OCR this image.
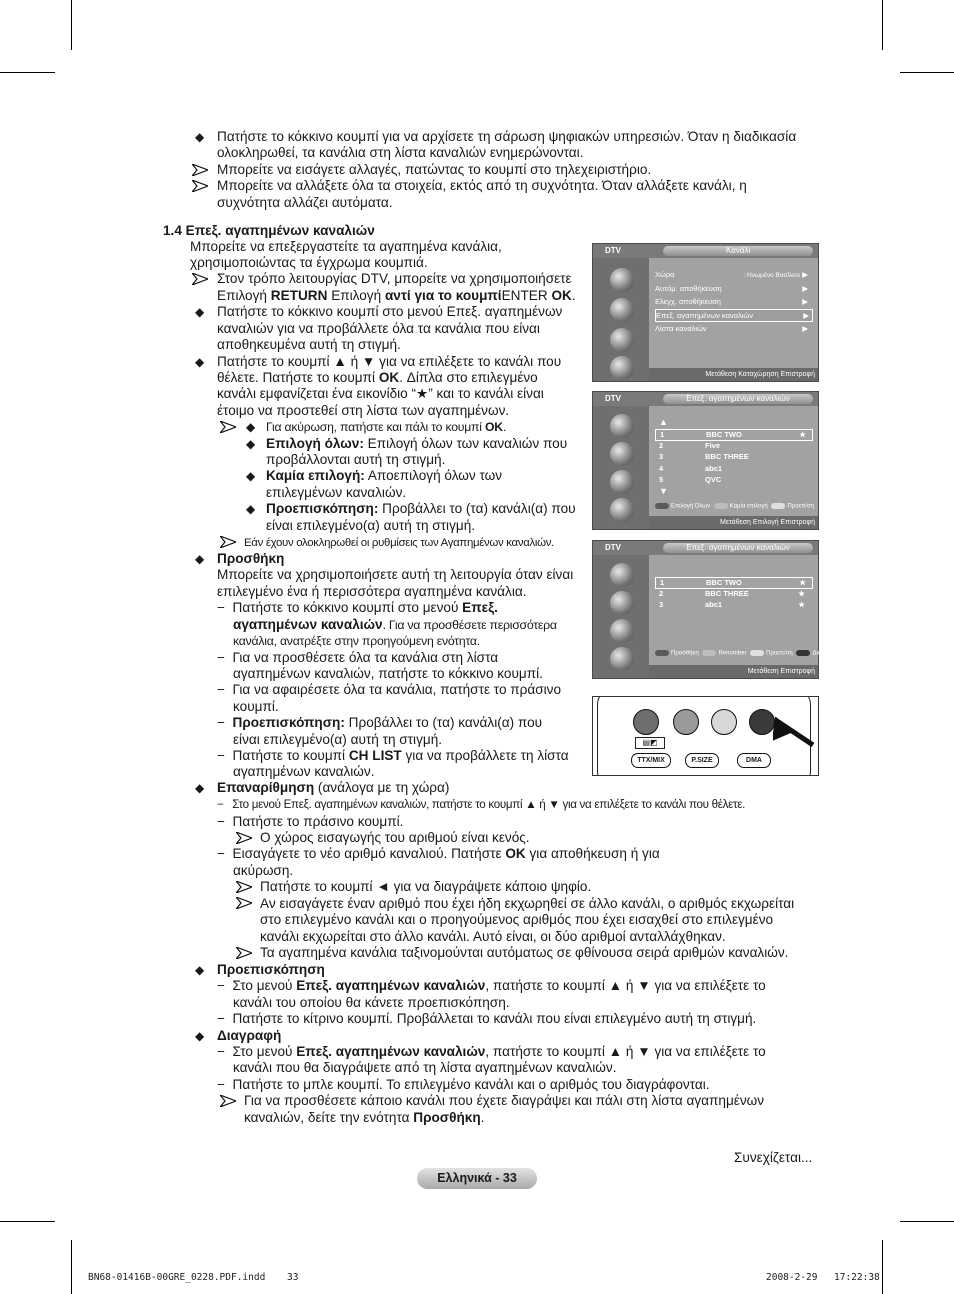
◆ Πατήστε το κόκκινο κουμπί για να αρχίσετε τη σάρωση ψηφιακών υπηρεσιών. Όταν η διαδικασία
ολοκληρωθεί, τα κανάλια στη λίστα καναλιών ενημερώνονται.
Μπορείτε να εισάγετε αλλαγές, πατώντας το κουμπί στο τηλεχειριστήριο.
Μπορείτε να αλλάξετε όλα τα στοιχεία, εκτός από τη συχνότητα. Όταν αλλάξετε κανάλι, η
συχνότητα αλλάζει αυτόματα.
1.4 Επεξ. αγαπημένων καναλιών
Μπορείτε να επεξεργαστείτε τα αγαπημένα κανάλια,
χρησιμοποιώντας τα έγχρωμα κουμπιά.
Στον τρόπο λειτουργίας DTV, μπορείτε να χρησιμοποιήσετε
Επιλογή RETURN Επιλογή αντί για το κουμπίENTER OK.
◆ Πατήστε το κόκκινο κουμπί στο μενού Επεξ. αγαπημένων
καναλιών για να προβάλλετε όλα τα κανάλια που είναι
αποθηκευμένα αυτή τη στιγμή.
◆ Πατήστε το κουμπί ▲ ή ▼ για να επιλέξετε το κανάλι που
θέλετε. Πατήστε το κουμπί OK. Δίπλα στο επιλεγμένο
κανάλι εμφανίζεται ένα εικονίδιο “★” και το κανάλι είναι
έτοιμο να προστεθεί στη λίστα των αγαπημένων.
◆ Για ακύρωση, πατήστε και πάλι το κουμπί OK.
◆ Επιλογή όλων: Επιλογή όλων των καναλιών που
προβάλλονται αυτή τη στιγμή.
◆ Καμία επιλογή: Αποεπιλογή όλων των
επιλεγμένων καναλιών.
◆ Προεπισκόπηση: Προβάλλει το (τα) κανάλι(α) που
είναι επιλεγμένο(α) αυτή τη στιγμή.
Εάν έχουν ολοκληρωθεί οι ρυθμίσεις των Αγαπημένων καναλιών.
◆ Προσθήκη
Μπορείτε να χρησιμοποιήσετε αυτή τη λειτουργία όταν είναι
επιλεγμένο ένα ή περισσότερα αγαπημένα κανάλια.
−  Πατήστε το κόκκινο κουμπί στο μενού Επεξ.
αγαπημένων καναλιών. Για να προσθέσετε περισσότερα
κανάλια, ανατρέξτε στην προηγούμενη ενότητα.
−  Για να προσθέσετε όλα τα κανάλια στη λίστα
αγαπημένων καναλιών, πατήστε το κόκκινο κουμπί.
−  Για να αφαιρέσετε όλα τα κανάλια, πατήστε το πράσινο
κουμπί.
−  Προεπισκόπηση: Προβάλλει το (τα) κανάλι(α) που
είναι επιλεγμένο(α) αυτή τη στιγμή.
−  Πατήστε το κουμπί CH LIST για να προβάλλετε τη λίστα
αγαπημένων καναλιών.
◆ Επαναρίθμηση (ανάλογα με τη χώρα)
−   Στο μενού Επεξ. αγαπημένων καναλιών, πατήστε το κουμπί ▲ ή ▼ για να επιλέξετε το κανάλι που θέλετε.
−  Πατήστε το πράσινο κουμπί.
Ο χώρος εισαγωγής του αριθμού είναι κενός.
−  Εισαγάγετε το νέο αριθμό καναλιού. Πατήστε OK για αποθήκευση ή για
ακύρωση.
Πατήστε το κουμπί ◄ για να διαγράψετε κάποιο ψηφίο.
Αν εισαγάγετε έναν αριθμό που έχει ήδη εκχωρηθεί σε άλλο κανάλι, ο αριθμός εκχωρείται
στο επιλεγμένο κανάλι και ο προηγούμενος αριθμός που έχει εισαχθεί στο επιλεγμένο
κανάλι εκχωρείται στο άλλο κανάλι. Αυτό είναι, οι δύο αριθμοί ανταλλάχθηκαν.
Τα αγαπημένα κανάλια ταξινομούνται αυτόματως σε φθίνουσα σειρά αριθμών καναλιών.
◆ Προεπισκόπηση
−  Στο μενού Επεξ. αγαπημένων καναλιών, πατήστε το κουμπί ▲ ή ▼ για να επιλέξετε το
κανάλι του οποίου θα κάνετε προεπισκόπηση.
−  Πατήστε το κίτρινο κουμπί. Προβάλλεται το κανάλι που είναι επιλεγμένο αυτή τη στιγμή.
◆ Διαγραφή
−  Στο μενού Επεξ. αγαπημένων καναλιών, πατήστε το κουμπί ▲ ή ▼ για να επιλέξετε το
κανάλι που θα διαγράψετε από τη λίστα αγαπημένων καναλιών.
−  Πατήστε το μπλε κουμπί. Το επιλεγμένο κανάλι και ο αριθμός του διαγράφονται.
Για να προσθέσετε κάποιο κανάλι που έχετε διαγράψει και πάλι στη λίστα αγαπημένων
καναλιών, δείτε την ενότητα Προσθήκη.
DTV	Κανάλι
Χώρα	: Ηνωμένο Βασίλειο ▶
Αυτόμ. αποθήκευση	▶
Ελεγχ. αποθήκευση	▶
Επεξ. αγαπημένων καναλιών	▶
Λίστα καναλιών	▶
Μετάθεση Καταχώρηση Επιστροφή
DTV	Επεξ. αγαπημένων καναλιών
▲
1	BBC TWO	★
2	Five
3	BBC THREE
4	abc1
5	QVC
▼
Επιλογή Όλων	Καμία επιλογή	Προεπ/ση
Μετάθεση Επιλογή Επιστροφή
DTV	Επεξ. αγαπημένων καναλιών
1	BBC TWO	★
2	BBC THREE	★
3	abc1	★
Προσθήκη	Renumber	Προεπ/ση	Διαγραφή
Μετάθεση Επιστροφή
▤◩
TTX/MIX	P.SIZE	DMA
Συνεχίζεται...
Ελληνικά - 33
BN68-01416B-00GRE_0228.PDF.indd 33	2008-2-29 17:22:38
